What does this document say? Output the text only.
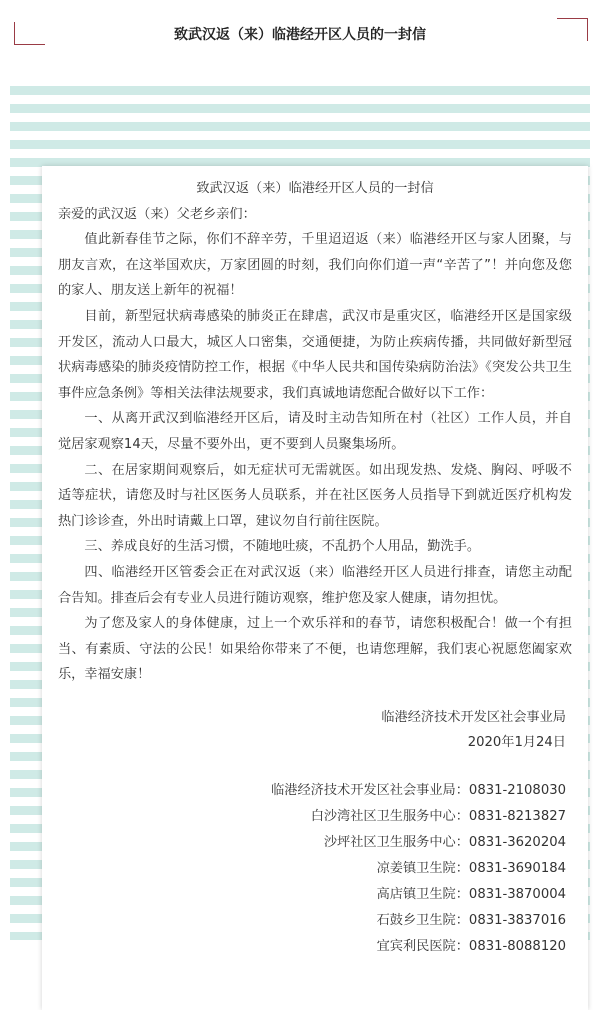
致武汉返（来）临港经开区人员的一封信

致武汉返（来）临港经开区人员的一封信

亲爱的武汉返（来）父老乡亲们：

值此新春佳节之际，你们不辞辛劳，千里迢迢返（来）临港经开区与家人团聚，与朋友言欢，在这举国欢庆，万家团圆的时刻，我们向你们道一声“辛苦了”！并向您及您的家人、朋友送上新年的祝福！

目前，新型冠状病毒感染的肺炎正在肆虐，武汉市是重灾区，临港经开区是国家级开发区，流动人口最大，城区人口密集，交通便捷，为防止疾病传播，共同做好新型冠状病毒感染的肺炎疫情防控工作，根据《中华人民共和国传染病防治法》《突发公共卫生事件应急条例》等相关法律法规要求，我们真诚地请您配合做好以下工作：

一、从离开武汉到临港经开区后，请及时主动告知所在村（社区）工作人员，并自觉居家观察14天，尽量不要外出，更不要到人员聚集场所。

二、在居家期间观察后，如无症状可无需就医。如出现发热、发烧、胸闷、呼吸不适等症状，请您及时与社区医务人员联系，并在社区医务人员指导下到就近医疗机构发热门诊诊查，外出时请戴上口罩，建议勿自行前往医院。

三、养成良好的生活习惯，不随地吐痰，不乱扔个人用品，勤洗手。

四、临港经开区管委会正在对武汉返（来）临港经开区人员进行排查，请您主动配合告知。排查后会有专业人员进行随访观察，维护您及家人健康，请勿担忧。

为了您及家人的身体健康，过上一个欢乐祥和的春节，请您积极配合！做一个有担当、有素质、守法的公民！如果给你带来了不便，也请您理解，我们衷心祝愿您阖家欢乐，幸福安康！

临港经济技术开发区社会事业局

2020年1月24日

临港经济技术开发区社会事业局：0831-2108030
白沙湾社区卫生服务中心：0831-8213827
沙坪社区卫生服务中心：0831-3620204
凉姜镇卫生院：0831-3690184
高店镇卫生院：0831-3870004
石鼓乡卫生院：0831-3837016
宜宾利民医院：0831-8088120
